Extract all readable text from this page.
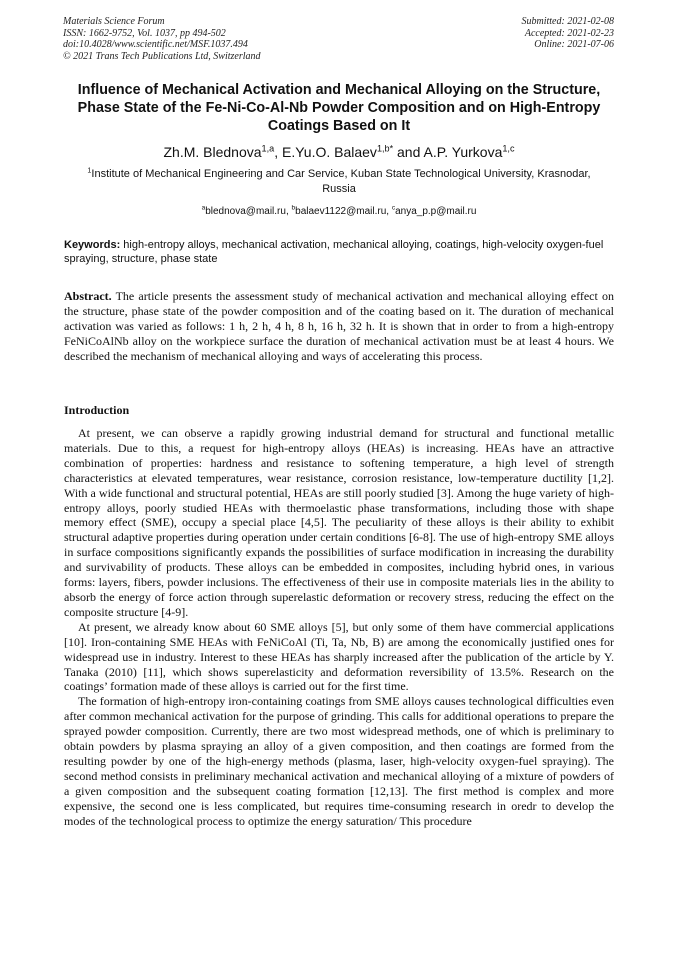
Materials Science Forum
ISSN: 1662-9752, Vol. 1037, pp 494-502
doi:10.4028/www.scientific.net/MSF.1037.494
© 2021 Trans Tech Publications Ltd, Switzerland
Submitted: 2021-02-08
Accepted: 2021-02-23
Online: 2021-07-06
Influence of Mechanical Activation and Mechanical Alloying on the Structure, Phase State of the Fe-Ni-Co-Al-Nb Powder Composition and on High-Entropy Coatings Based on It
Zh.M. Blednova$^{1,a}$, E.Yu.O. Balaev$^{1,b*}$ and A.P. Yurkova$^{1,c}$
$^1$Institute of Mechanical Engineering and Car Service, Kuban State Technological University, Krasnodar, Russia
$^a$blednova@mail.ru, $^b$balaev1122@mail.ru, $^c$anya_p.p@mail.ru
Keywords: high-entropy alloys, mechanical activation, mechanical alloying, coatings, high-velocity oxygen-fuel spraying, structure, phase state

Abstract. The article presents the assessment study of mechanical activation and mechanical alloying effect on the structure, phase state of the powder composition and of the coating based on it. The duration of mechanical activation was varied as follows: 1 h, 2 h, 4 h, 8 h, 16 h, 32 h. It is shown that in order to from a high-entropy FeNiCoAlNb alloy on the workpiece surface the duration of mechanical activation must be at least 4 hours. We described the mechanism of mechanical alloying and ways of accelerating this process.

Introduction

At present, we can observe a rapidly growing industrial demand for structural and functional metallic materials. Due to this, a request for high-entropy alloys (HEAs) is increasing. HEAs have an attractive combination of properties: hardness and resistance to softening temperature, a high level of strength characteristics at elevated temperatures, wear resistance, corrosion resistance, low-temperature ductility [1,2]. With a wide functional and structural potential, HEAs are still poorly studied [3]. Among the huge variety of high-entropy alloys, poorly studied HEAs with thermoelastic phase transformations, including those with shape memory effect (SME), occupy a special place [4,5]. The peculiarity of these alloys is their ability to exhibit structural adaptive properties during operation under certain conditions [6-8]. The use of high-entropy SME alloys in surface compositions significantly expands the possibilities of surface modification in increasing the durability and survivability of products. These alloys can be embedded in composites, including hybrid ones, in various forms: layers, fibers, powder inclusions. The effectiveness of their use in composite materials lies in the ability to absorb the energy of force action through superelastic deformation or recovery stress, reducing the effect on the composite structure [4-9].

At present, we already know about 60 SME alloys [5], but only some of them have commercial applications [10]. Iron-containing SME HEAs with FeNiCoAl (Ti, Ta, Nb, B) are among the economically justified ones for widespread use in industry. Interest to these HEAs has sharply increased after the publication of the article by Y. Tanaka (2010) [11], which shows superelasticity and deformation reversibility of 13.5%. Research on the coatings’ formation made of these alloys is carried out for the first time.

The formation of high-entropy iron-containing coatings from SME alloys causes technological difficulties even after common mechanical activation for the purpose of grinding. This calls for additional operations to prepare the sprayed powder composition. Currently, there are two most widespread methods, one of which is preliminary to obtain powders by plasma spraying an alloy of a given composition, and then coatings are formed from the resulting powder by one of the high-energy methods (plasma, laser, high-velocity oxygen-fuel spraying). The second method consists in preliminary mechanical activation and mechanical alloying of a mixture of powders of a given composition and the subsequent coating formation [12,13]. The first method is complex and more expensive, the second one is less complicated, but requires time-consuming research in oredr to develop the modes of the technological process to optimize the energy saturation/ This procedure
